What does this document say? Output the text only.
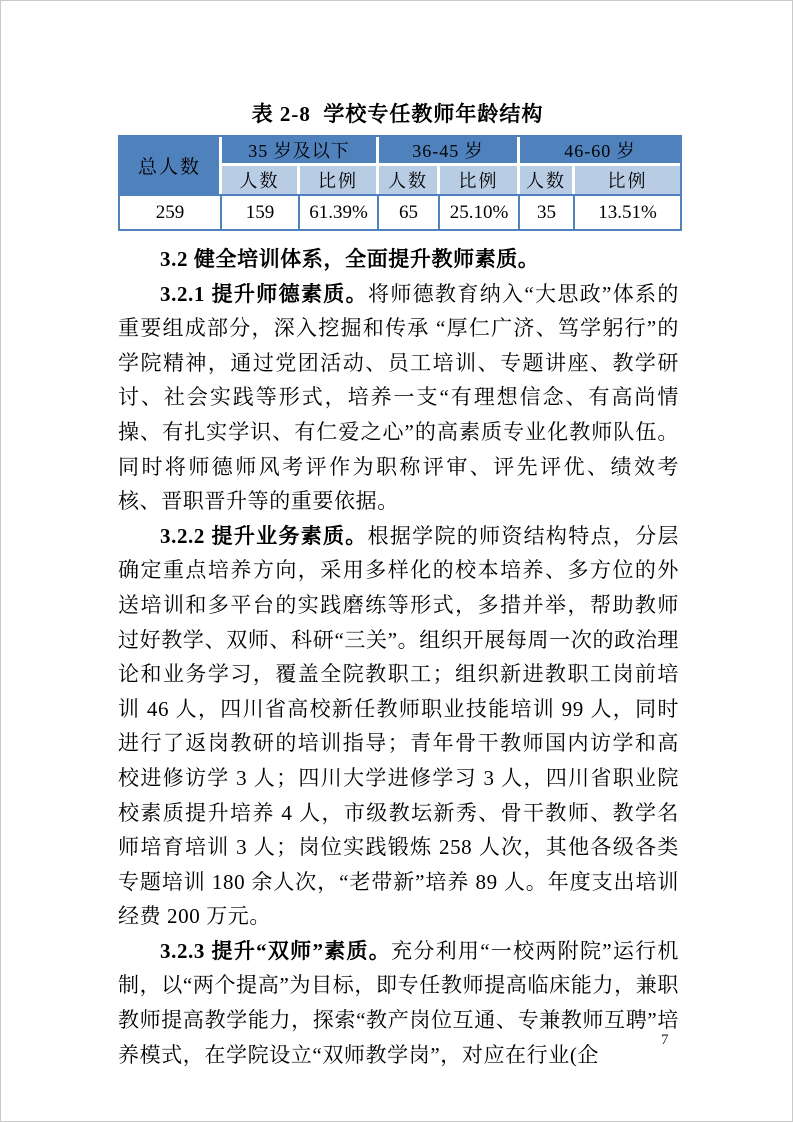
表 2-8  学校专任教师年龄结构
总人数	35 岁及以下		36-45 岁		46-60 岁	
	人数	比例	人数	比例	人数	比例
259	159	61.39%	65	25.10%	35	13.51%

3.2 健全培训体系，全面提升教师素质。

3.2.1 提升师德素质。将师德教育纳入“大思政”体系的重要组成部分，深入挖掘和传承 “厚仁广济、笃学躬行”的学院精神，通过党团活动、员工培训、专题讲座、教学研讨、社会实践等形式，培养一支“有理想信念、有高尚情操、有扎实学识、有仁爱之心”的高素质专业化教师队伍。同时将师德师风考评作为职称评审、评先评优、绩效考核、晋职晋升等的重要依据。

3.2.2 提升业务素质。根据学院的师资结构特点，分层确定重点培养方向，采用多样化的校本培养、多方位的外送培训和多平台的实践磨练等形式，多措并举，帮助教师过好教学、双师、科研“三关”。组织开展每周一次的政治理论和业务学习，覆盖全院教职工；组织新进教职工岗前培训 46 人，四川省高校新任教师职业技能培训 99 人，同时进行了返岗教研的培训指导；青年骨干教师国内访学和高校进修访学 3 人；四川大学进修学习 3 人，四川省职业院校素质提升培养 4 人，市级教坛新秀、骨干教师、教学名师培育培训 3 人；岗位实践锻炼 258 人次，其他各级各类专题培训 180 余人次，“老带新”培养 89 人。年度支出培训经费 200 万元。

3.2.3 提升“双师”素质。充分利用“一校两附院”运行机制，以“两个提高”为目标，即专任教师提高临床能力，兼职教师提高教学能力，探索“教产岗位互通、专兼教师互聘”培养模式，在学院设立“双师教学岗”，对应在行业(企

7
